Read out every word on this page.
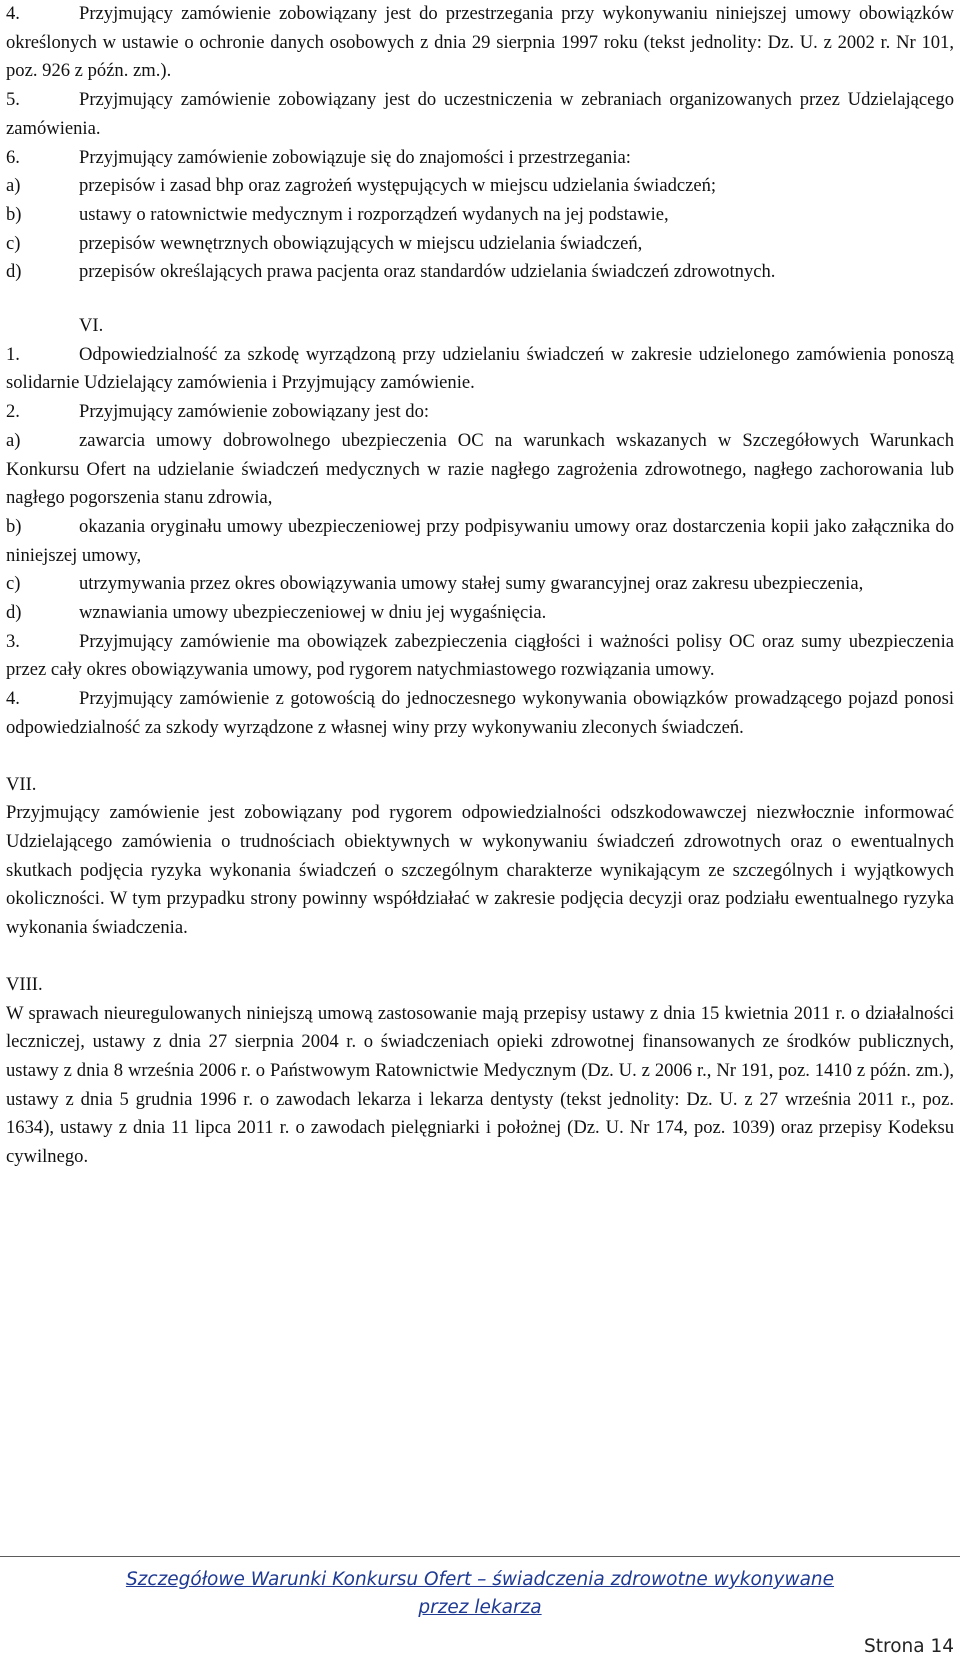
4.	Przyjmujący zamówienie zobowiązany jest do przestrzegania przy wykonywaniu niniejszej umowy obowiązków określonych w ustawie o ochronie danych osobowych z dnia 29 sierpnia 1997 roku (tekst jednolity: Dz. U. z 2002 r. Nr 101, poz. 926 z późn. zm.).

5.	Przyjmujący zamówienie zobowiązany jest do uczestniczenia w zebraniach organizowanych przez Udzielającego zamówienia.

6.	Przyjmujący zamówienie zobowiązuje się do znajomości i przestrzegania:

a)	przepisów i zasad bhp oraz zagrożeń występujących w miejscu udzielania świadczeń;

b)	ustawy o ratownictwie medycznym i rozporządzeń wydanych na jej podstawie,

c)	przepisów wewnętrznych obowiązujących w miejscu udzielania świadczeń,

d)	przepisów określających prawa pacjenta oraz standardów udzielania świadczeń zdrowotnych.

VI.

1.	Odpowiedzialność za szkodę wyrządzoną przy udzielaniu świadczeń w zakresie udzielonego zamówienia ponoszą solidarnie Udzielający zamówienia i Przyjmujący zamówienie.

2.	Przyjmujący zamówienie zobowiązany jest do:

a)	zawarcia umowy dobrowolnego ubezpieczenia OC na warunkach wskazanych w Szczegółowych Warunkach Konkursu Ofert na udzielanie świadczeń medycznych w razie nagłego zagrożenia zdrowotnego, nagłego zachorowania lub nagłego pogorszenia stanu zdrowia,

b)	okazania oryginału umowy ubezpieczeniowej przy podpisywaniu umowy oraz dostarczenia kopii jako załącznika do niniejszej umowy,

c)	utrzymywania przez okres obowiązywania umowy stałej sumy gwarancyjnej oraz zakresu ubezpieczenia,

d)	wznawiania umowy ubezpieczeniowej w dniu jej wygaśnięcia.

3.	Przyjmujący zamówienie ma obowiązek zabezpieczenia ciągłości i ważności polisy OC oraz sumy ubezpieczenia przez cały okres obowiązywania umowy, pod rygorem natychmiastowego rozwiązania umowy.

4.	Przyjmujący zamówienie z gotowością do jednoczesnego wykonywania obowiązków prowadzącego pojazd ponosi odpowiedzialność za szkody wyrządzone z własnej winy przy wykonywaniu zleconych świadczeń.

VII.

Przyjmujący zamówienie jest zobowiązany pod rygorem odpowiedzialności odszkodowawczej niezwłocznie informować Udzielającego zamówienia o trudnościach obiektywnych w wykonywaniu świadczeń zdrowotnych oraz o ewentualnych skutkach podjęcia ryzyka wykonania świadczeń o szczególnym charakterze wynikającym ze szczególnych i wyjątkowych okoliczności. W tym przypadku strony powinny współdziałać w zakresie podjęcia decyzji oraz podziału ewentualnego ryzyka wykonania świadczenia.

VIII.

W sprawach nieuregulowanych niniejszą umową zastosowanie mają przepisy ustawy z dnia 15 kwietnia 2011 r. o działalności leczniczej, ustawy z dnia 27 sierpnia 2004 r. o świadczeniach opieki zdrowotnej finansowanych ze środków publicznych, ustawy z dnia 8 września 2006 r. o Państwowym Ratownictwie Medycznym (Dz. U. z 2006 r., Nr 191, poz. 1410 z późn. zm.), ustawy z dnia 5 grudnia 1996 r. o zawodach lekarza i lekarza dentysty (tekst jednolity: Dz. U. z 27 września 2011 r., poz. 1634), ustawy z dnia 11 lipca 2011 r. o zawodach pielęgniarki i położnej (Dz. U. Nr 174, poz. 1039) oraz przepisy Kodeksu cywilnego.

Szczegółowe Warunki Konkursu Ofert – świadczenia zdrowotne wykonywane
przez lekarza
Strona 14
